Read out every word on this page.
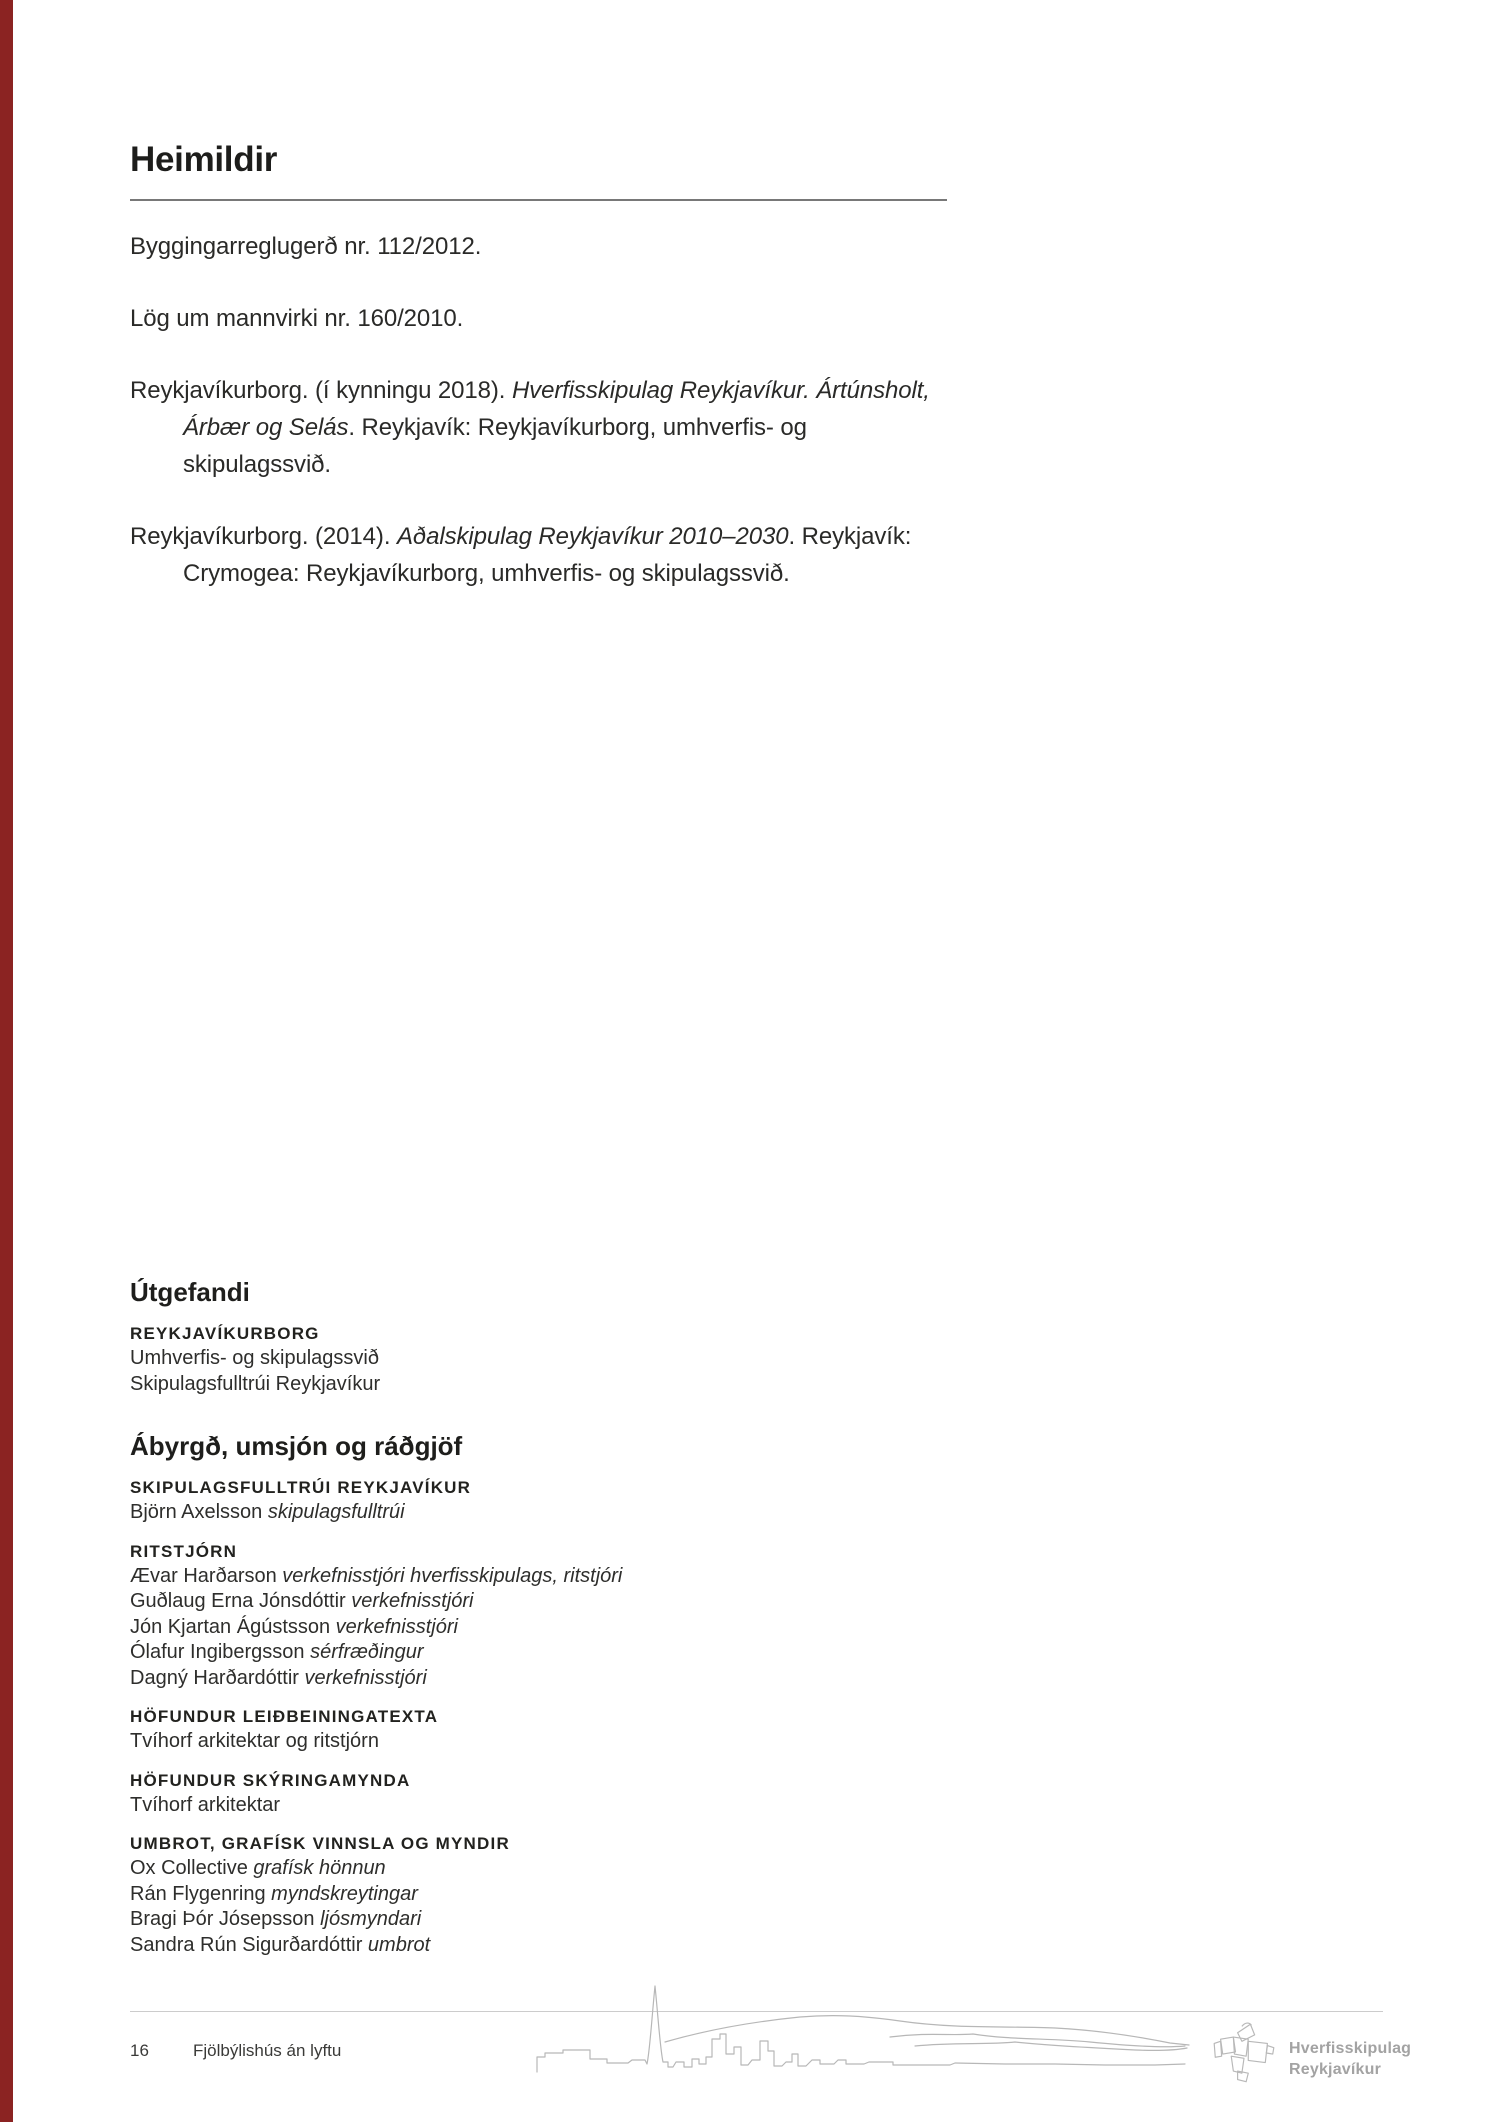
Heimildir

Byggingarreglugerð nr. 112/2012.

Lög um mannvirki nr. 160/2010.

Reykjavíkurborg. (í kynningu 2018). Hverfisskipulag Reykjavíkur. Ártúnsholt,
Árbær og Selás. Reykjavík: Reykjavíkurborg, umhverfis- og
skipulagssvið.

Reykjavíkurborg. (2014). Aðalskipulag Reykjavíkur 2010–2030. Reykjavík:
Crymogea: Reykjavíkurborg, umhverfis- og skipulagssvið.

Útgefandi
REYKJAVÍKURBORG
Umhverfis- og skipulagssvið
Skipulagsfulltrúi Reykjavíkur
Ábyrgð, umsjón og ráðgjöf
SKIPULAGSFULLTRÚI REYKJAVÍKUR
Björn Axelsson skipulagsfulltrúi
RITSTJÓRN
Ævar Harðarson verkefnisstjóri hverfisskipulags, ritstjóri
Guðlaug Erna Jónsdóttir verkefnisstjóri
Jón Kjartan Ágústsson verkefnisstjóri
Ólafur Ingibergsson sérfræðingur
Dagný Harðardóttir verkefnisstjóri
HÖFUNDUR LEIÐBEININGATEXTA
Tvíhorf arkitektar og ritstjórn
HÖFUNDUR SKÝRINGAMYNDA
Tvíhorf arkitektar
UMBROT, GRAFÍSK VINNSLA OG MYNDIR
Ox Collective grafísk hönnun
Rán Flygenring myndskreytingar
Bragi Þór Jósepsson ljósmyndari
Sandra Rún Sigurðardóttir umbrot
16	Fjölbýlishús án lyftu	Hverfisskipulag
Reykjavíkur
